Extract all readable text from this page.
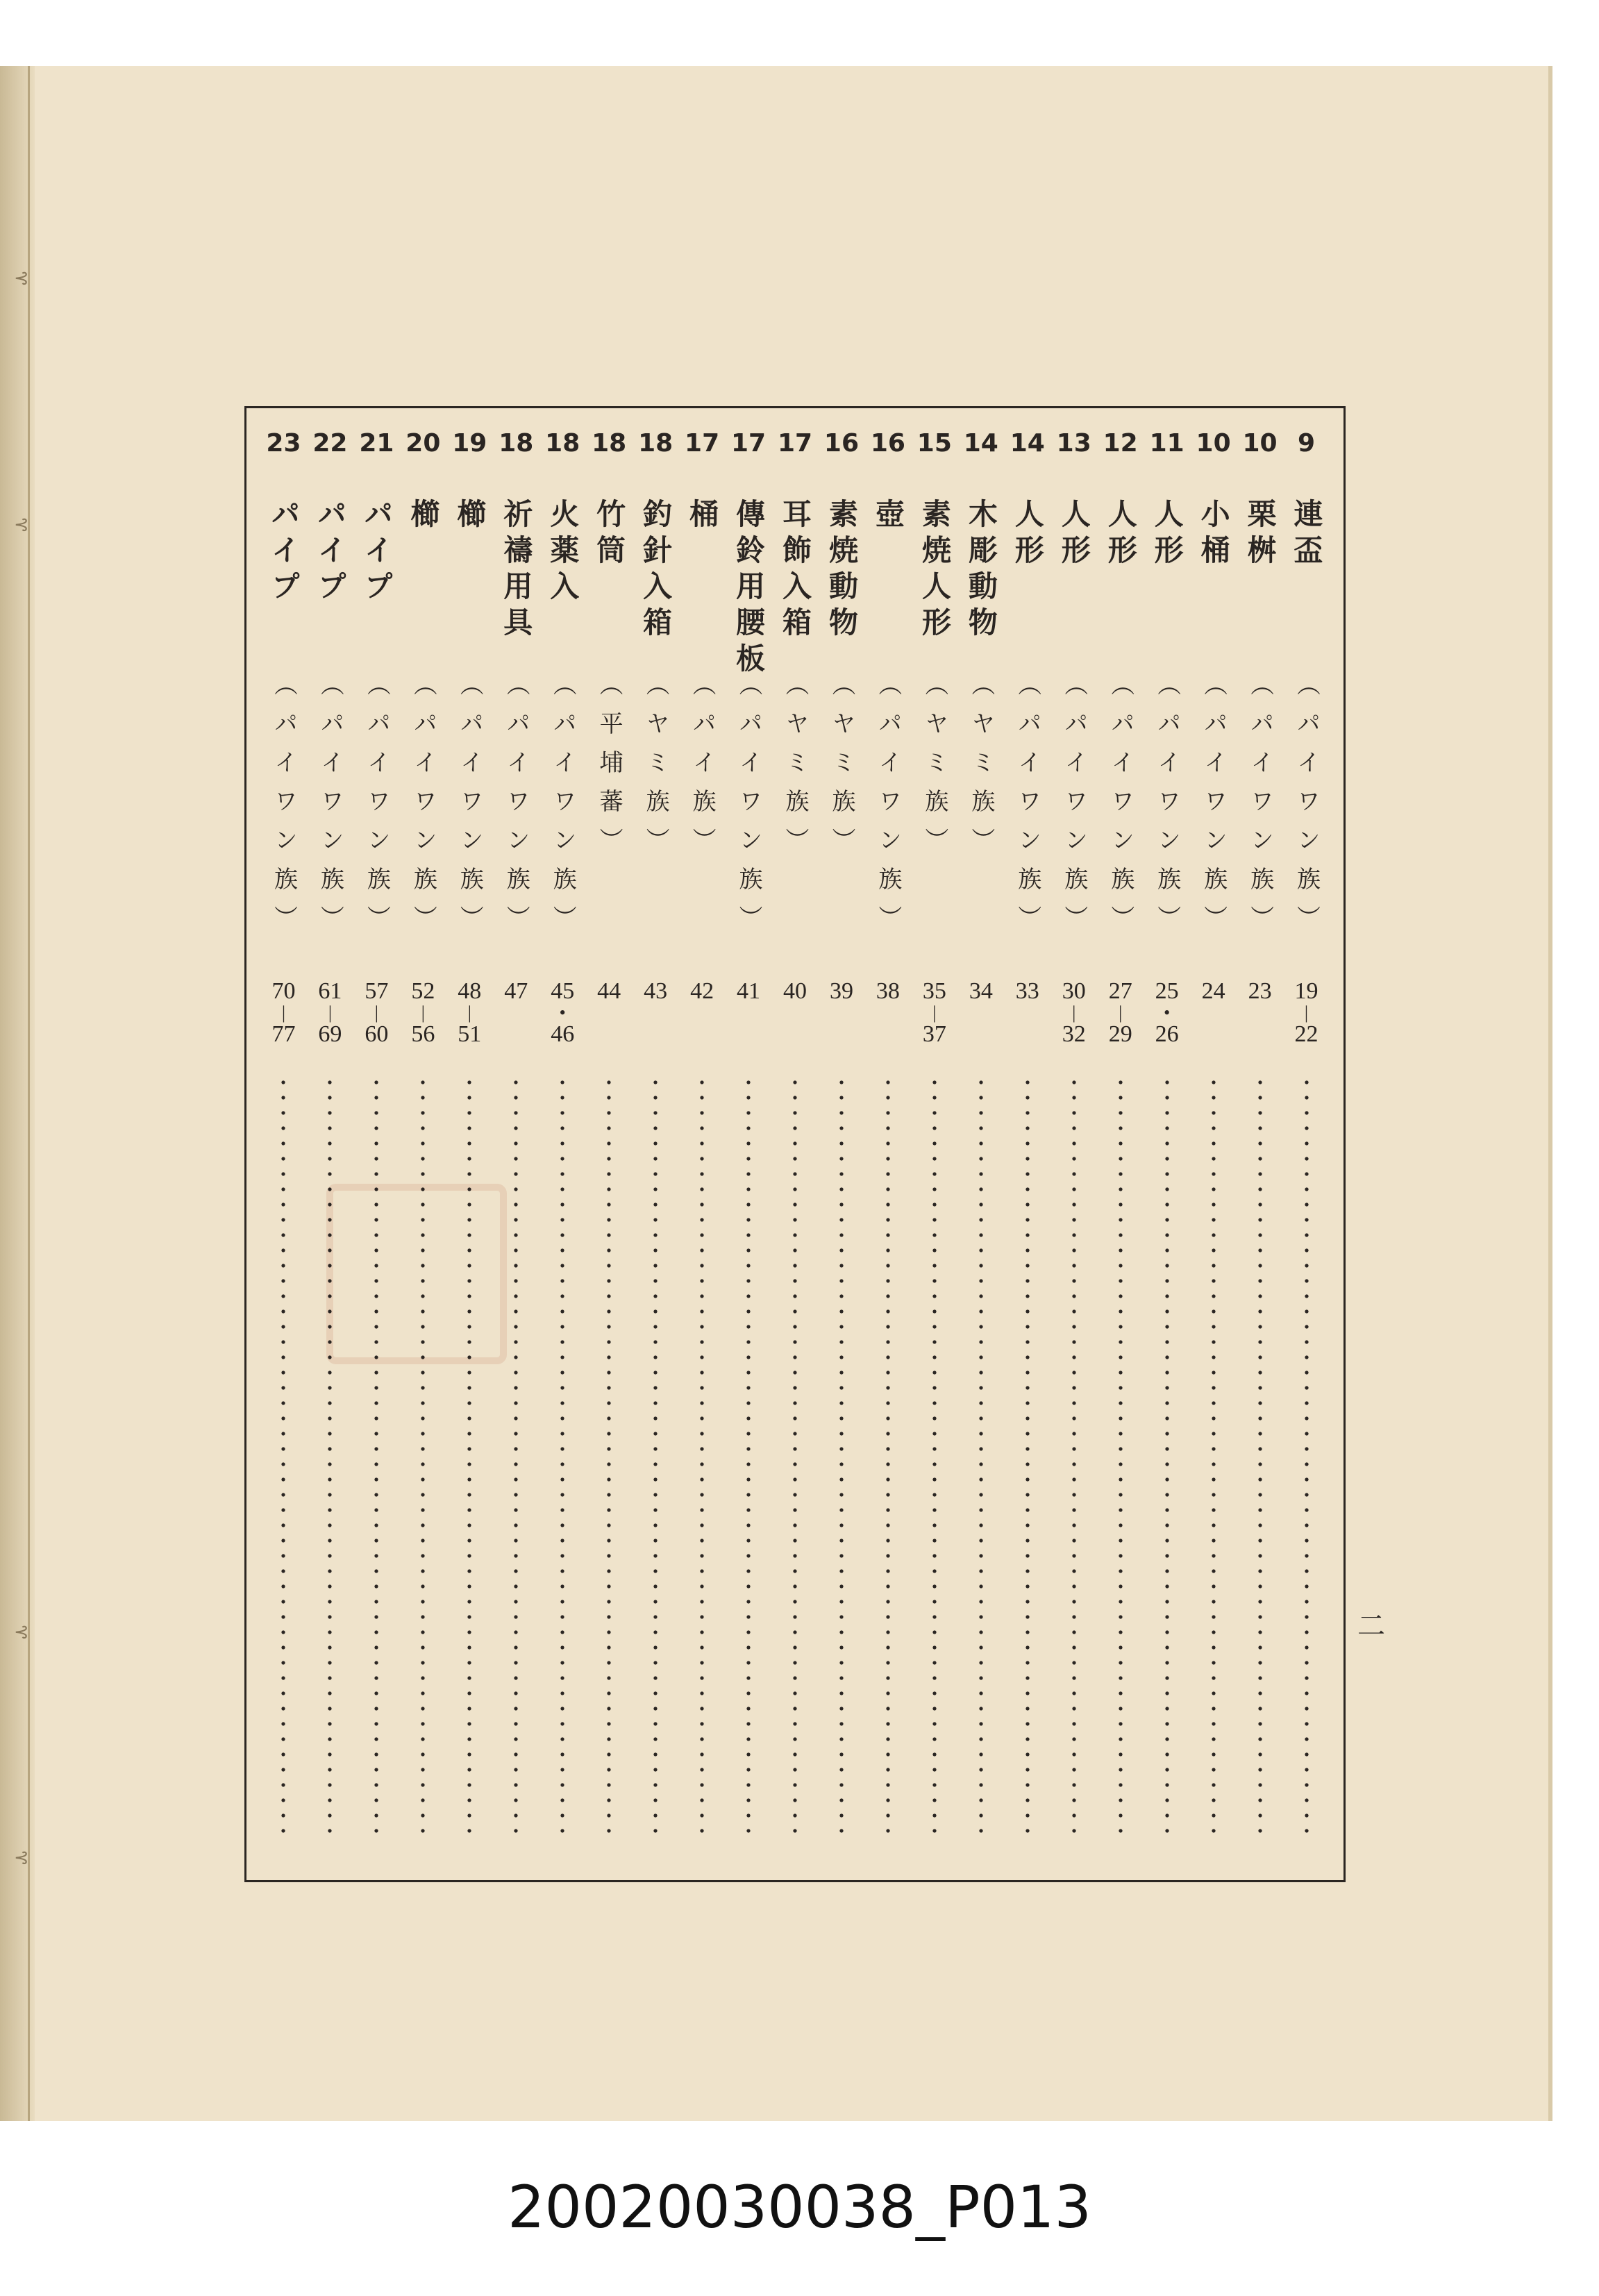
⊰
⊰
⊰
⊰
9
連盃
（パイワン族）
19
|
22
10
栗桝
（パイワン族）
23
10
小桶
（パイワン族）
24
11
人形
（パイワン族）
25
•
26
12
人形
（パイワン族）
27
|
29
13
人形
（パイワン族）
30
|
32
14
人形
（パイワン族）
33
14
木彫動物
（ヤミ族）
34
15
素焼人形
（ヤミ族）
35
|
37
16
壺
（パイワン族）
38
16
素焼動物
（ヤミ族）
39
17
耳飾入箱
（ヤミ族）
40
17
傳鈴用腰板
（パイワン族）
41
17
桶
（パイ族）
42
18
釣針入箱
（ヤミ族）
43
18
竹筒
（平埔蕃）
44
18
火薬入
（パイワン族）
45
•
46
18
祈禱用具
（パイワン族）
47
19
櫛
（パイワン族）
48
|
51
20
櫛
（パイワン族）
52
|
56
21
パイプ
（パイワン族）
57
|
60
22
パイプ
（パイワン族）
61
|
69
23
パイプ
（パイワン族）
70
|
77
二
20020030038_P013
